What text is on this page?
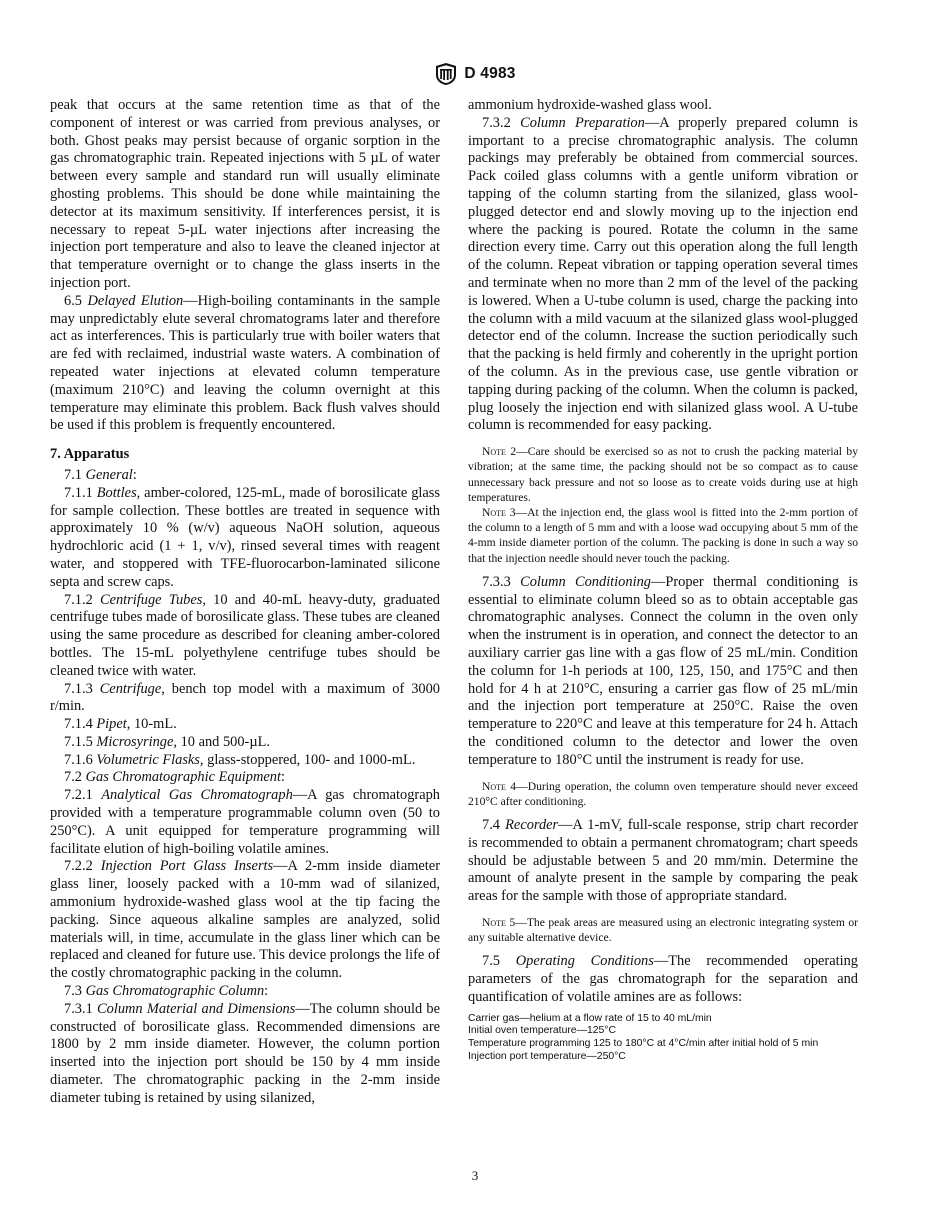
D 4983

peak that occurs at the same retention time as that of the component of interest or was carried from previous analyses, or both. Ghost peaks may persist because of organic sorption in the gas chromatographic train. Repeated injections with 5 µL of water between every sample and standard run will usually eliminate ghosting problems. This should be done while maintaining the detector at its maximum sensitivity. If interferences persist, it is necessary to repeat 5-µL water injections after increasing the injection port temperature and also to leave the cleaned injector at that temperature overnight or to change the glass inserts in the injection port.

6.5 Delayed Elution—High-boiling contaminants in the sample may unpredictably elute several chromatograms later and therefore act as interferences. This is particularly true with boiler waters that are fed with reclaimed, industrial waste waters. A combination of repeated water injections at elevated column temperature (maximum 210°C) and leaving the column overnight at this temperature may eliminate this problem. Back flush valves should be used if this problem is frequently encountered.

7. Apparatus

7.1 General:

7.1.1 Bottles, amber-colored, 125-mL, made of borosilicate glass for sample collection. These bottles are treated in sequence with approximately 10 % (w/v) aqueous NaOH solution, aqueous hydrochloric acid (1 + 1, v/v), rinsed several times with reagent water, and stoppered with TFE-fluorocarbon-laminated silicone septa and screw caps.

7.1.2 Centrifuge Tubes, 10 and 40-mL heavy-duty, graduated centrifuge tubes made of borosilicate glass. These tubes are cleaned using the same procedure as described for cleaning amber-colored bottles. The 15-mL polyethylene centrifuge tubes should be cleaned twice with water.

7.1.3 Centrifuge, bench top model with a maximum of 3000 r/min.

7.1.4 Pipet, 10-mL.

7.1.5 Microsyringe, 10 and 500-µL.

7.1.6 Volumetric Flasks, glass-stoppered, 100- and 1000-mL.

7.2 Gas Chromatographic Equipment:

7.2.1 Analytical Gas Chromatograph—A gas chromatograph provided with a temperature programmable column oven (50 to 250°C). A unit equipped for temperature programming will facilitate elution of high-boiling volatile amines.

7.2.2 Injection Port Glass Inserts—A 2-mm inside diameter glass liner, loosely packed with a 10-mm wad of silanized, ammonium hydroxide-washed glass wool at the tip facing the packing. Since aqueous alkaline samples are analyzed, solid materials will, in time, accumulate in the glass liner which can be replaced and cleaned for future use. This device prolongs the life of the costly chromatographic packing in the column.

7.3 Gas Chromatographic Column:

7.3.1 Column Material and Dimensions—The column should be constructed of borosilicate glass. Recommended dimensions are 1800 by 2 mm inside diameter. However, the column portion inserted into the injection port should be 150 by 4 mm inside diameter. The chromatographic packing in the 2-mm inside diameter tubing is retained by using silanized,

ammonium hydroxide-washed glass wool.

7.3.2 Column Preparation—A properly prepared column is important to a precise chromatographic analysis. The column packings may preferably be obtained from commercial sources. Pack coiled glass columns with a gentle uniform vibration or tapping of the column starting from the silanized, glass wool-plugged detector end and slowly moving up to the injection end where the packing is poured. Rotate the column in the same direction every time. Carry out this operation along the full length of the column. Repeat vibration or tapping operation several times and terminate when no more than 2 mm of the level of the packing is lowered. When a U-tube column is used, charge the packing into the column with a mild vacuum at the silanized glass wool-plugged detector end of the column. Increase the suction periodically such that the packing is held firmly and coherently in the upright portion of the column. As in the previous case, use gentle vibration or tapping during packing of the column. When the column is packed, plug loosely the injection end with silanized glass wool. A U-tube column is recommended for easy packing.

Note 2—Care should be exercised so as not to crush the packing material by vibration; at the same time, the packing should not be so compact as to cause unnecessary back pressure and not so loose as to create voids during use at high temperatures.

Note 3—At the injection end, the glass wool is fitted into the 2-mm portion of the column to a length of 5 mm and with a loose wad occupying about 5 mm of the 4-mm inside diameter portion of the column. The packing is done in such a way so that the injection needle should never touch the packing.

7.3.3 Column Conditioning—Proper thermal conditioning is essential to eliminate column bleed so as to obtain acceptable gas chromatographic analyses. Connect the column in the oven only when the instrument is in operation, and connect the detector to an auxiliary carrier gas line with a gas flow of 25 mL/min. Condition the column for 1-h periods at 100, 125, 150, and 175°C and then hold for 4 h at 210°C, ensuring a carrier gas flow of 25 mL/min and the injection port temperature at 250°C. Raise the oven temperature to 220°C and leave at this temperature for 24 h. Attach the conditioned column to the detector and lower the oven temperature to 180°C until the instrument is ready for use.

Note 4—During operation, the column oven temperature should never exceed 210°C after conditioning.

7.4 Recorder—A 1-mV, full-scale response, strip chart recorder is recommended to obtain a permanent chromatogram; chart speeds should be adjustable between 5 and 20 mm/min. Determine the amount of analyte present in the sample by comparing the peak areas for the sample with those of appropriate standard.

Note 5—The peak areas are measured using an electronic integrating system or any suitable alternative device.

7.5 Operating Conditions—The recommended operating parameters of the gas chromatograph for the separation and quantification of volatile amines are as follows:

Carrier gas—helium at a flow rate of 15 to 40 mL/min
Initial oven temperature—125°C
Temperature programming 125 to 180°C at 4°C/min after initial hold of 5 min
Injection port temperature—250°C
3
